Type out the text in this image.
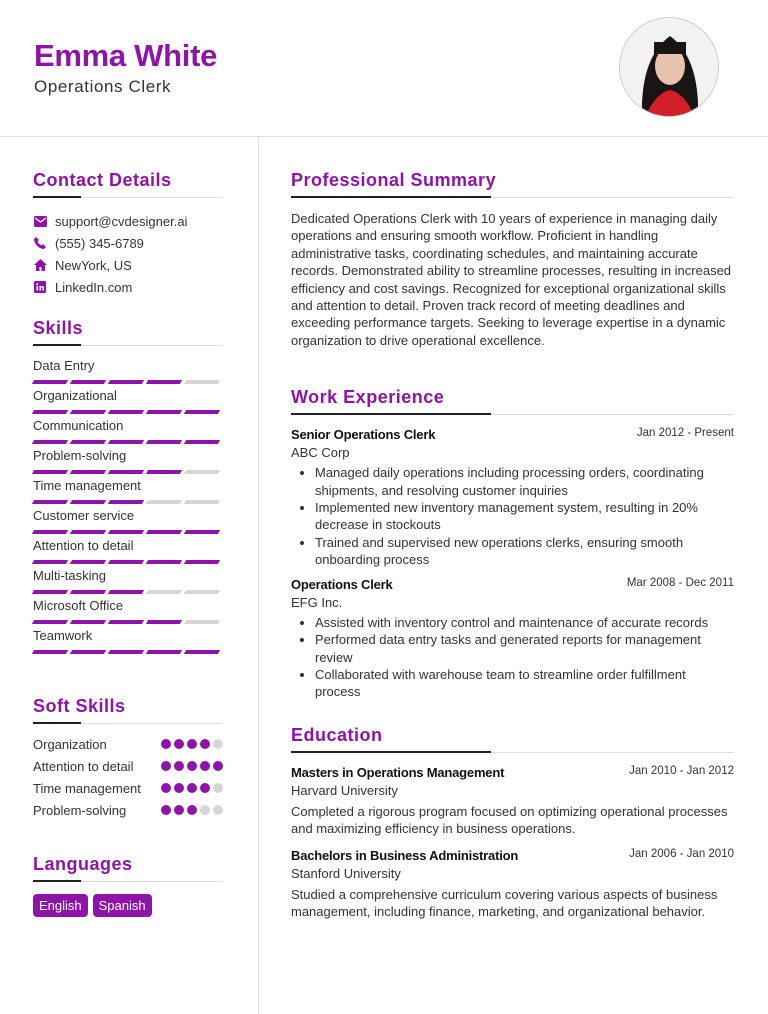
Emma White
Operations Clerk
Contact Details
support@cvdesigner.ai
(555) 345-6789
NewYork, US
LinkedIn.com
Skills
Data Entry
Organizational
Communication
Problem-solving
Time management
Customer service
Attention to detail
Multi-tasking
Microsoft Office
Teamwork
Soft Skills
Organization
Attention to detail
Time management
Problem-solving
Languages
English	Spanish
Professional Summary

Dedicated Operations Clerk with 10 years of experience in managing daily operations and ensuring smooth workflow. Proficient in handling administrative tasks, coordinating schedules, and maintaining accurate records. Demonstrated ability to streamline processes, resulting in increased efficiency and cost savings. Recognized for exceptional organizational skills and attention to detail. Proven track record of meeting deadlines and exceeding performance targets. Seeking to leverage expertise in a dynamic organization to drive operational excellence.

Work Experience
Senior Operations Clerk	Jan 2012 - Present
ABC Corp
• Managed daily operations including processing orders, coordinating shipments, and resolving customer inquiries
• Implemented new inventory management system, resulting in 20% decrease in stockouts
• Trained and supervised new operations clerks, ensuring smooth onboarding process
Operations Clerk	Mar 2008 - Dec 2011
EFG Inc.
• Assisted with inventory control and maintenance of accurate records
• Performed data entry tasks and generated reports for management review
• Collaborated with warehouse team to streamline order fulfillment process
Education
Masters in Operations Management	Jan 2010 - Jan 2012
Harvard University

Completed a rigorous program focused on optimizing operational processes and maximizing efficiency in business operations.

Bachelors in Business Administration	Jan 2006 - Jan 2010
Stanford University

Studied a comprehensive curriculum covering various aspects of business management, including finance, marketing, and organizational behavior.
